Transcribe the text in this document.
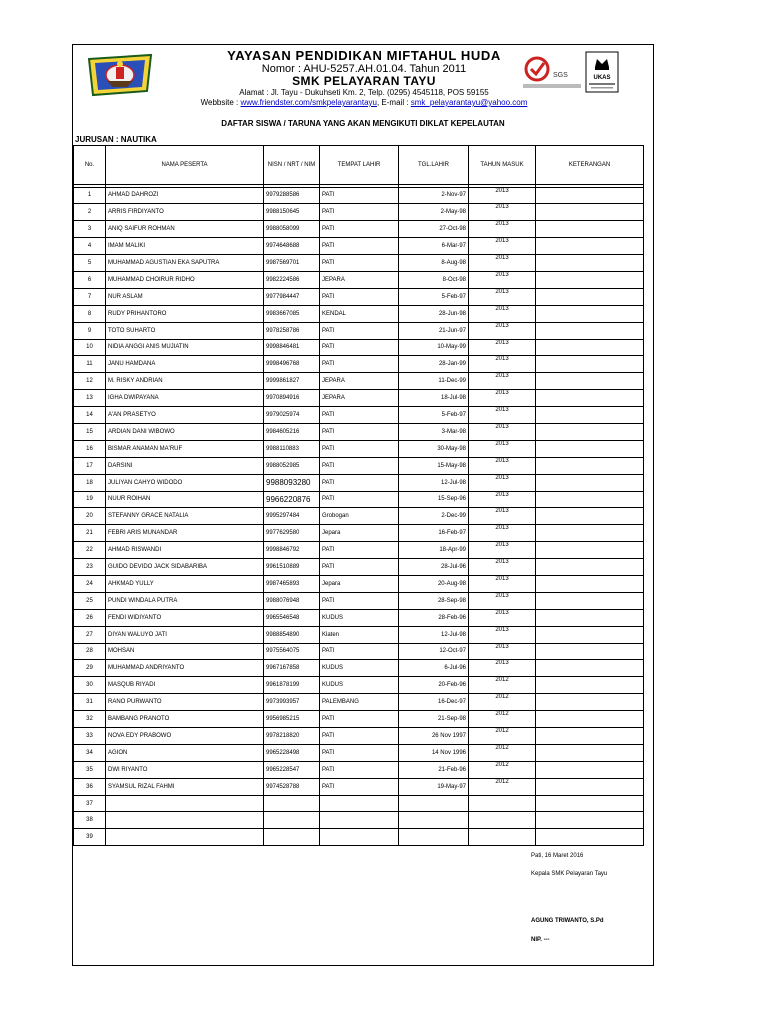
YAYASAN PENDIDIKAN MIFTAHUL HUDA
Nomor : AHU-5257.AH.01.04. Tahun 2011
SMK PELAYARAN TAYU
Alamat : Jl. Tayu - Dukuhseti Km. 2, Telp. (0295) 4545118, POS 59155
Webbsite : www.friendster.com/smkpelayarantayu, E-mail : smk_pelayarantayu@yahoo.com
SGS	UKAS
DAFTAR SISWA / TARUNA YANG AKAN MENGIKUTI DIKLAT KEPELAUTAN
JURUSAN : NAUTIKA
No.	NAMA PESERTA	NISN / NRT / NIM	TEMPAT LAHIR	TGL.LAHIR	TAHUN MASUK	KETERANGAN

1	AHMAD DAHROZI	9979288586	PATI	2-Nov-97	2013	
2	ARRIS FIRDIYANTO	9988150645	PATI	2-May-98	2013	
3	ANIQ SAIFUR ROHMAN	9988058099	PATI	27-Oct-98	2013	
4	IMAM MALIKI	9974648688	PATI	6-Mar-97	2013	
5	MUHAMMAD AGUSTIAN EKA SAPUTRA	9987569701	PATI	8-Aug-98	2013	
6	MUHAMMAD CHOIRUR RIDHO	9982224586	JEPARA	8-Oct-98	2013	
7	NUR ASLAM	9977984447	PATI	5-Feb-97	2013	
8	RUDY PRIHANTORO	9983667085	KENDAL	28-Jun-98	2013	
9	TOTO SUHARTO	9978258786	PATI	21-Jun-97	2013	
10	NIDIA ANGGI ANIS MUJIATIN	9998846481	PATI	10-May-99	2013	
11	JANU HAMDANA	9998496768	PATI	28-Jan-99	2013	
12	M. RISKY ANDRIAN	9999861827	JEPARA	11-Dec-99	2013	
13	IGHA DWIPAYANA	9970894916	JEPARA	18-Jul-98	2013	
14	A'AN PRASETYO	9979025974	PATI	5-Feb-97	2013	
15	ARDIAN DANI WIBOWO	9984605216	PATI	3-Mar-98	2013	
16	BISMAR ANAMAN MA'RUF	9988110883	PATI	30-May-98	2013	
17	DARSINI	9988052985	PATI	15-May-98	2013	
18	JULIYAN CAHYO WIDODO	9988093280	PATI	12-Jul-98	2013	
19	NUUR ROIHAN	9966220876	PATI	15-Sep-96	2013	
20	STEFANNY GRACE NATALIA	9995297484	Grobogan	2-Dec-99	2013	
21	FEBRI ARIS MUNANDAR	9977629580	Jepara	16-Feb-97	2013	
22	AHMAD RISWANDI	9998846792	PATI	18-Apr-99	2013	
23	GUIDO DEVIDO JACK SIDABARIBA	9961510889	PATI	28-Jul-96	2013	
24	AHKMAD YULLY	9987465893	Jepara	20-Aug-98	2013	
25	PUNDI WINDALA PUTRA	9988076948	PATI	28-Sep-98	2013	
26	FENDI WIDIYANTO	9965546548	KUDUS	28-Feb-96	2013	
27	DIYAN WALUYO JATI	9988854890	Klaten	12-Jul-98	2013	
28	MOHSAN	9975564075	PATI	12-Oct-97	2013	
29	MUHAMMAD ANDRIYANTO	9967167858	KUDUS	6-Jul-96	2013	
30	MASQUB RIYADI	9961878199	KUDUS	20-Feb-96	2012	
31	RANO PURWANTO	9973993957	PALEMBANG	16-Dec-97	2012	
32	BAMBANG PRANOTO	9956985215	PATI	21-Sep-98	2012	
33	NOVA EDY PRABOWO	9978218820	PATI	26 Nov 1997	2012	
34	AGION	9965228498	PATI	14 Nov 1996	2012	
35	DWI RIYANTO	9965228547	PATI	21-Feb-96	2012	
36	SYAMSUL RIZAL FAHMI	9974528788	PATI	19-May-97	2012	
37						
38						
39						
Pati, 16 Maret 2016
Kepala SMK Pelayaran Tayu
AGUNG TRIWANTO, S.Pd
NIP. ---
